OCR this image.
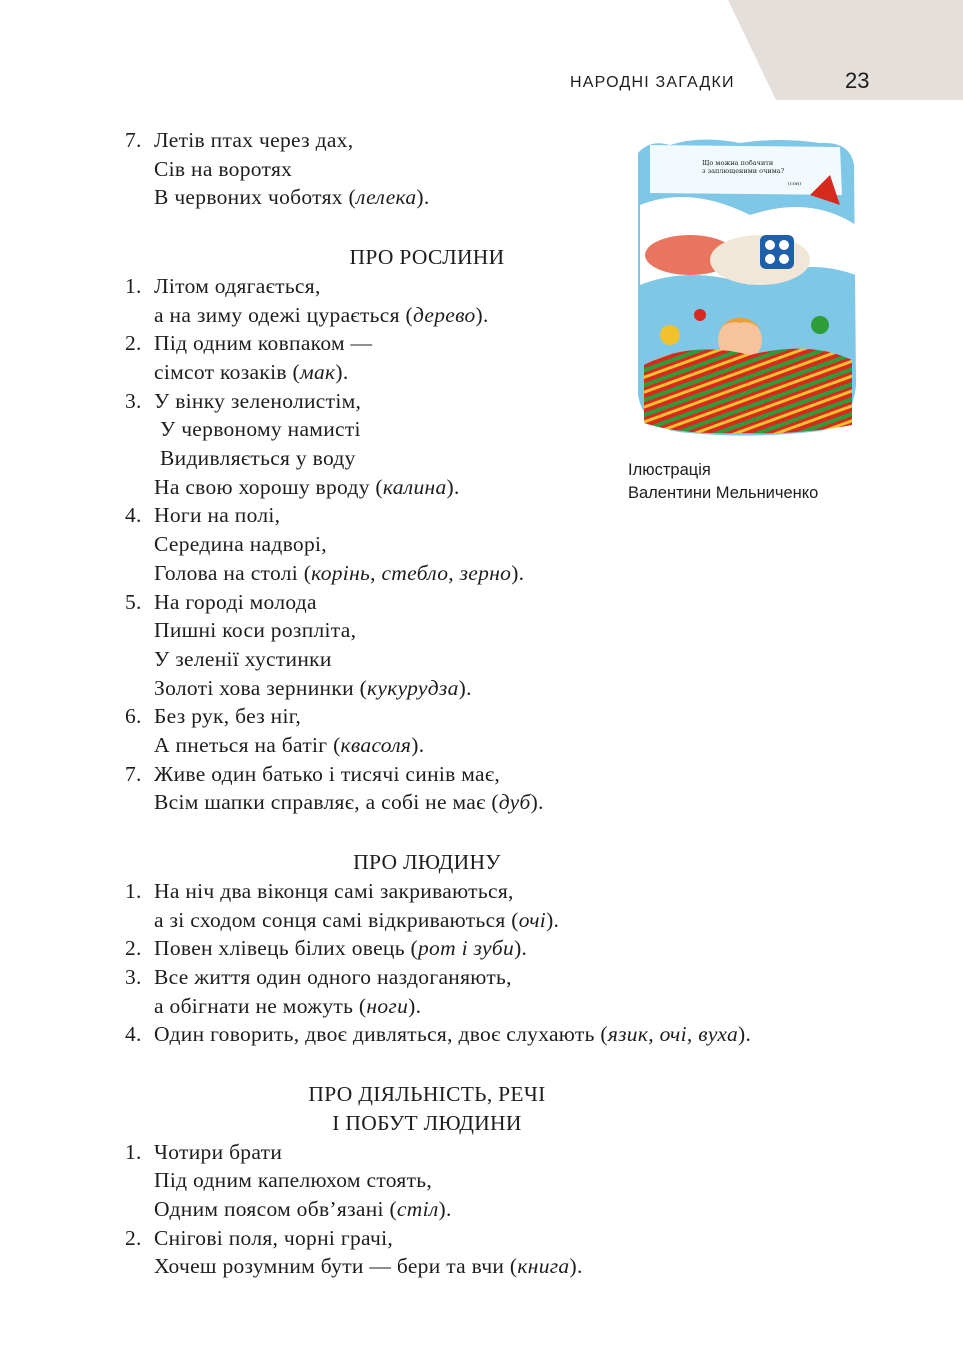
НАРОДНІ ЗАГАДКИ	23
Що можна побачити
з заплющеними очима?
(сон)
Ілюстрація
Валентини Мельниченко
7. Летів птах через дах,
Сів на воротях
В червоних чоботях (лелека).
ПРО РОСЛИНИ
1. Літом одягається,
а на зиму одежі цурається (дерево).
2. Під одним ковпаком —
сімсот козаків (мак).
3. У вінку зеленолистім,
У червоному намисті
Видивляється у воду
На свою хорошу вроду (калина).
4. Ноги на полі,
Середина надворі,
Голова на столі (корінь, стебло, зерно).
5. На городі молода
Пишні коси розпліта,
У зеленії хустинки
Золоті хова зернинки (кукурудза).
6. Без рук, без ніг,
А пнеться на батіг (квасоля).
7. Живе один батько і тисячі синів має,
Всім шапки справляє, а собі не має (дуб).
ПРО ЛЮДИНУ
1. На ніч два віконця самі закриваються,
а зі сходом сонця самі відкриваються (очі).
2. Повен хлівець білих овець (рот і зуби).
3. Все життя один одного наздоганяють,
а обігнати не можуть (ноги).
4. Один говорить, двоє дивляться, двоє слухають (язик, очі, вуха).
ПРО ДІЯЛЬНІСТЬ, РЕЧІ
І ПОБУТ ЛЮДИНИ
1. Чотири брати
Під одним капелюхом стоять,
Одним поясом обв’язані (стіл).
2. Снігові поля, чорні грачі,
Хочеш розумним бути — бери та вчи (книга).
